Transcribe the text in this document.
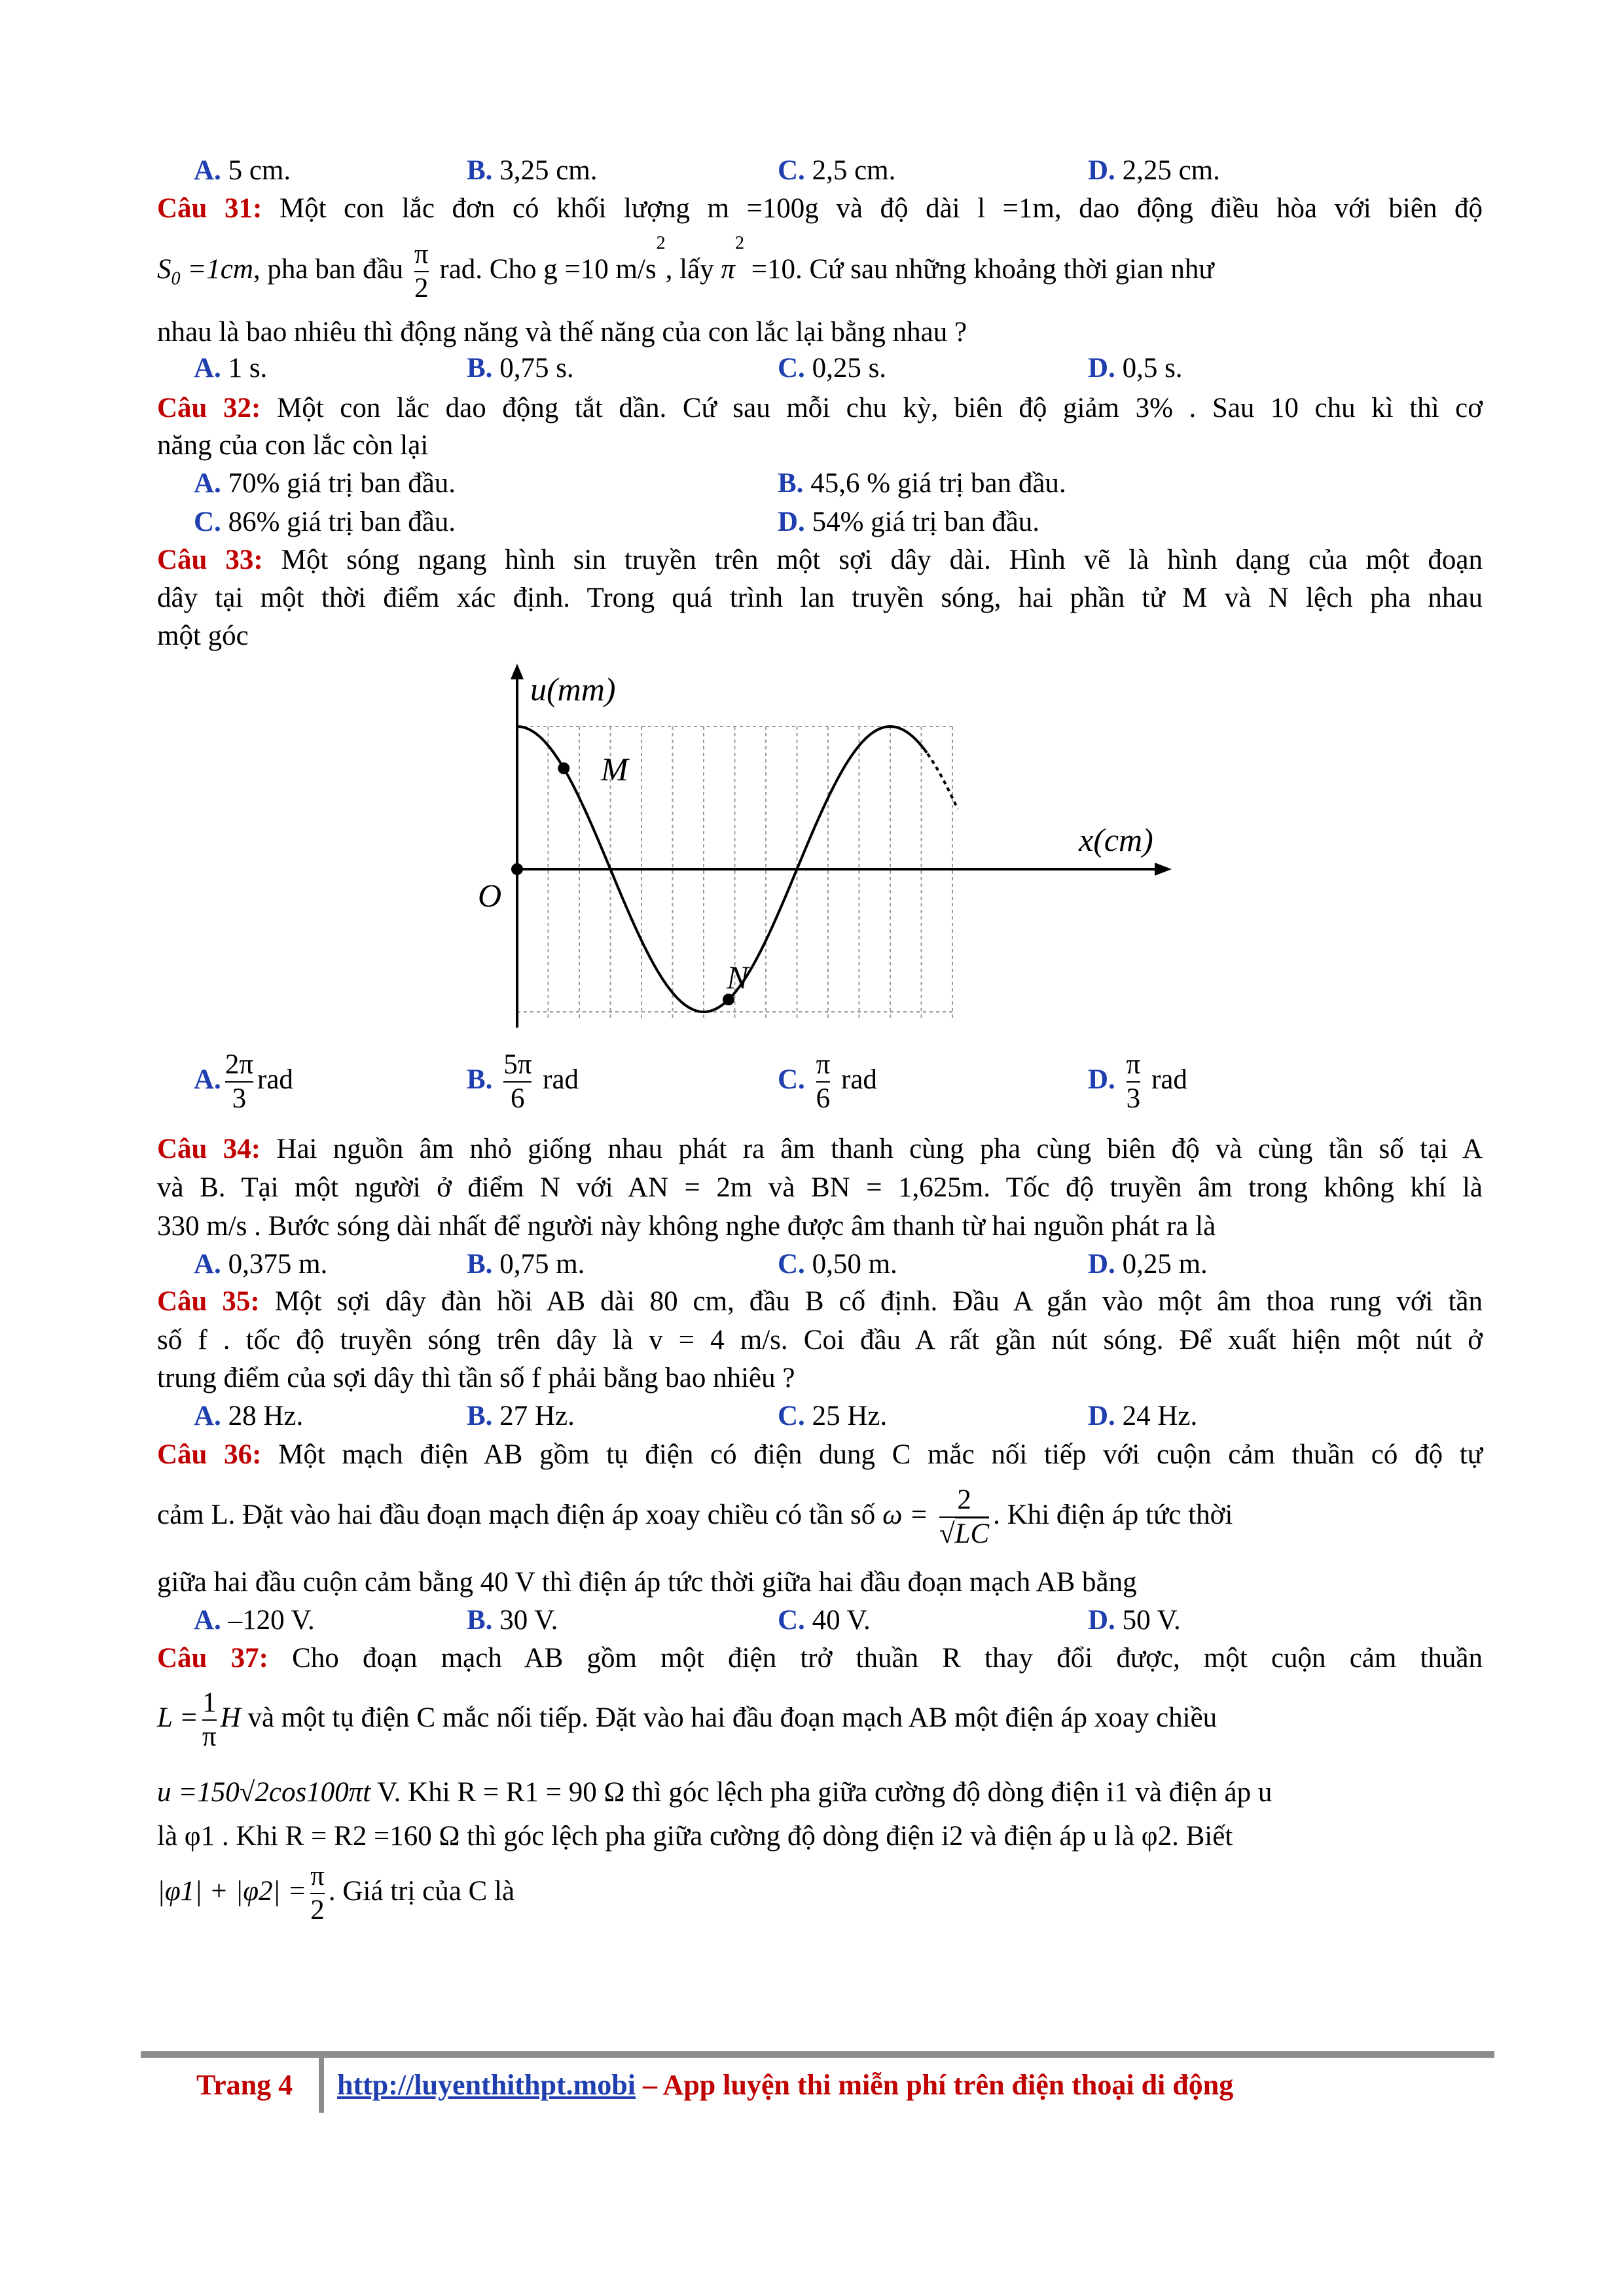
A. 5 cm.	B. 3,25 cm.	C. 2,5 cm.	D. 2,25 cm.
Câu 31: Một con lắc đơn có khối lượng m =100g và độ dài l =1m, dao động điều hòa với biên độ
$S_0 =1cm$, pha ban đầu $\frac{\pi}{2}$ rad. Cho g =10 $m/s^2$, lấy $\pi^2 =10$. Cứ sau những khoảng thời gian như
nhau là bao nhiêu thì động năng và thế năng của con lắc lại bằng nhau ?
A. 1 s.	B. 0,75 s.	C. 0,25 s.	D. 0,5 s.
Câu 32: Một con lắc dao động tắt dần. Cứ sau mỗi chu kỳ, biên độ giảm 3% . Sau 10 chu kì thì cơ
năng của con lắc còn lại
A. 70% giá trị ban đầu.	B. 45,6 % giá trị ban đầu.
C. 86% giá trị ban đầu.	D. 54% giá trị ban đầu.
Câu 33: Một sóng ngang hình sin truyền trên một sợi dây dài. Hình vẽ là hình dạng của một đoạn
dây tại một thời điểm xác định. Trong quá trình lan truyền sóng, hai phần tử M và N lệch pha nhau
một góc
u(mm)
x(cm)
O
M
N
A. $\frac{2\pi}{3}$ rad	B. $\frac{5\pi}{6}$ rad	C. $\frac{\pi}{6}$ rad	D. $\frac{\pi}{3}$ rad
Câu 34: Hai nguồn âm nhỏ giống nhau phát ra âm thanh cùng pha cùng biên độ và cùng tần số tại A
và B. Tại một người ở điểm N với AN = 2m và BN = 1,625m. Tốc độ truyền âm trong không khí là
330 m/s . Bước sóng dài nhất để người này không nghe được âm thanh từ hai nguồn phát ra là
A. 0,375 m.	B. 0,75 m.	C. 0,50 m.	D. 0,25 m.
Câu 35: Một sợi dây đàn hồi AB dài 80 cm, đầu B cố định. Đầu A gắn vào một âm thoa rung với tần
số f . tốc độ truyền sóng trên dây là v = 4 m/s. Coi đầu A rất gần nút sóng. Để xuất hiện một nút ở
trung điểm của sợi dây thì tần số f phải bằng bao nhiêu ?
A. 28 Hz.	B. 27 Hz.	C. 25 Hz.	D. 24 Hz.
Câu 36: Một mạch điện AB gồm tụ điện có điện dung C mắc nối tiếp với cuộn cảm thuần có độ tự
cảm L. Đặt vào hai đầu đoạn mạch điện áp xoay chiều có tần số $\omega = \frac{2}{√LC}$ . Khi điện áp tức thời
giữa hai đầu cuộn cảm bằng 40 V thì điện áp tức thời giữa hai đầu đoạn mạch AB bằng
A. –120 V.	B. 30 V.	C. 40 V.	D. 50 V.
Câu 37: Cho đoạn mạch AB gồm một điện trở thuần R thay đổi được, một cuộn cảm thuần
$L = \frac{1}{\pi}$ H và một tụ điện C mắc nối tiếp. Đặt vào hai đầu đoạn mạch AB một điện áp xoay chiều
u =150√2cos100πt V. Khi R = R1 = 90 Ω thì góc lệch pha giữa cường độ dòng điện i1 và điện áp u
là φ1 . Khi R = R2 =160 Ω thì góc lệch pha giữa cường độ dòng điện i2 và điện áp u là φ2. Biết
$|\varphi 1| + |\varphi 2| = \frac{\pi}{2}$ . Giá trị của C là
Trang 4 http://luyenthithpt.mobi – App luyện thi miễn phí trên điện thoại di động
